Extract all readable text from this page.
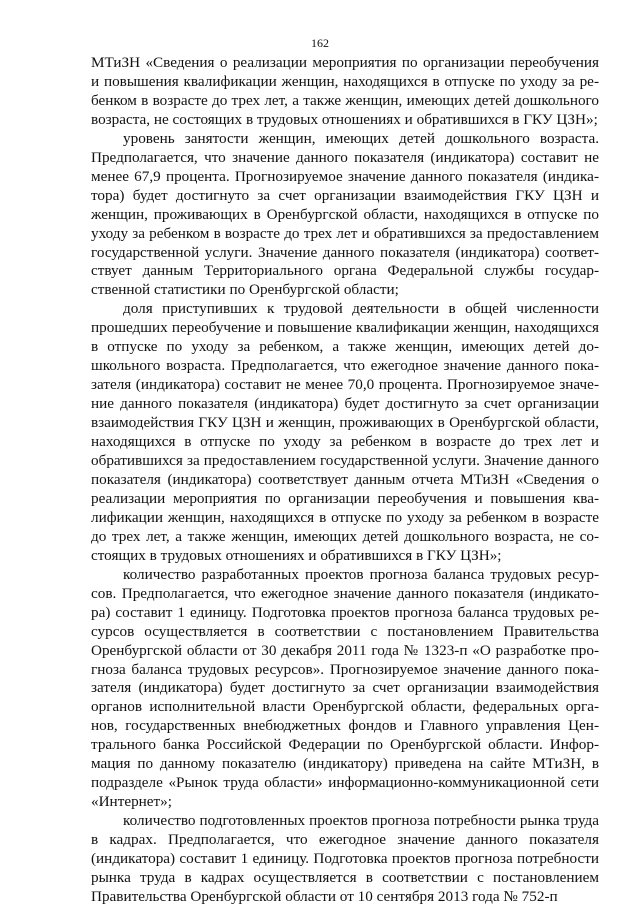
162

МТиЗН «Сведения о реализации мероприятия по организации переобучения и повышения квалификации женщин, находящихся в отпуске по уходу за ребенком в возрасте до трех лет, а также женщин, имеющих детей дошкольного возраста, не состоящих в трудовых отношениях и обратившихся в ГКУ ЦЗН»;

уровень занятости женщин, имеющих детей дошкольного возраста. Предполагается, что значение данного показателя (индикатора) составит не менее 67,9 процента. Прогнозируемое значение данного показателя (индикатора) будет достигнуто за счет организации взаимодействия ГКУ ЦЗН и женщин, проживающих в Оренбургской области, находящихся в отпуске по уходу за ребенком в возрасте до трех лет и обратившихся за предоставлением государственной услуги. Значение данного показателя (индикатора) соответствует данным Территориального органа Федеральной службы государственной статистики по Оренбургской области;

доля приступивших к трудовой деятельности в общей численности прошедших переобучение и повышение квалификации женщин, находящихся в отпуске по уходу за ребенком, а также женщин, имеющих детей дошкольного возраста. Предполагается, что ежегодное значение данного показателя (индикатора) составит не менее 70,0 процента. Прогнозируемое значение данного показателя (индикатора) будет достигнуто за счет организации взаимодействия ГКУ ЦЗН и женщин, проживающих в Оренбургской области, находящихся в отпуске по уходу за ребенком в возрасте до трех лет и обратившихся за предоставлением государственной услуги. Значение данного показателя (индикатора) соответствует данным отчета МТиЗН «Сведения о реализации мероприятия по организации переобучения и повышения квалификации женщин, находящихся в отпуске по уходу за ребенком в возрасте до трех лет, а также женщин, имеющих детей дошкольного возраста, не состоящих в трудовых отношениях и обратившихся в ГКУ ЦЗН»;

количество разработанных проектов прогноза баланса трудовых ресурсов. Предполагается, что ежегодное значение данного показателя (индикатора) составит 1 единицу. Подготовка проектов прогноза баланса трудовых ресурсов осуществляется в соответствии с постановлением Правительства Оренбургской области от 30 декабря 2011 года № 1323-п «О разработке прогноза баланса трудовых ресурсов». Прогнозируемое значение данного показателя (индикатора) будет достигнуто за счет организации взаимодействия органов исполнительной власти Оренбургской области, федеральных органов, государственных внебюджетных фондов и Главного управления Центрального банка Российской Федерации по Оренбургской области. Информация по данному показателю (индикатору) приведена на сайте МТиЗН, в подразделе «Рынок труда области» информационно-коммуникационной сети «Интернет»;

количество подготовленных проектов прогноза потребности рынка труда в кадрах. Предполагается, что ежегодное значение данного показателя (индикатора) составит 1 единицу. Подготовка проектов прогноза потребности рынка труда в кадрах осуществляется в соответствии с постановлением Правительства Оренбургской области от 10 сентября 2013 года № 752-п
